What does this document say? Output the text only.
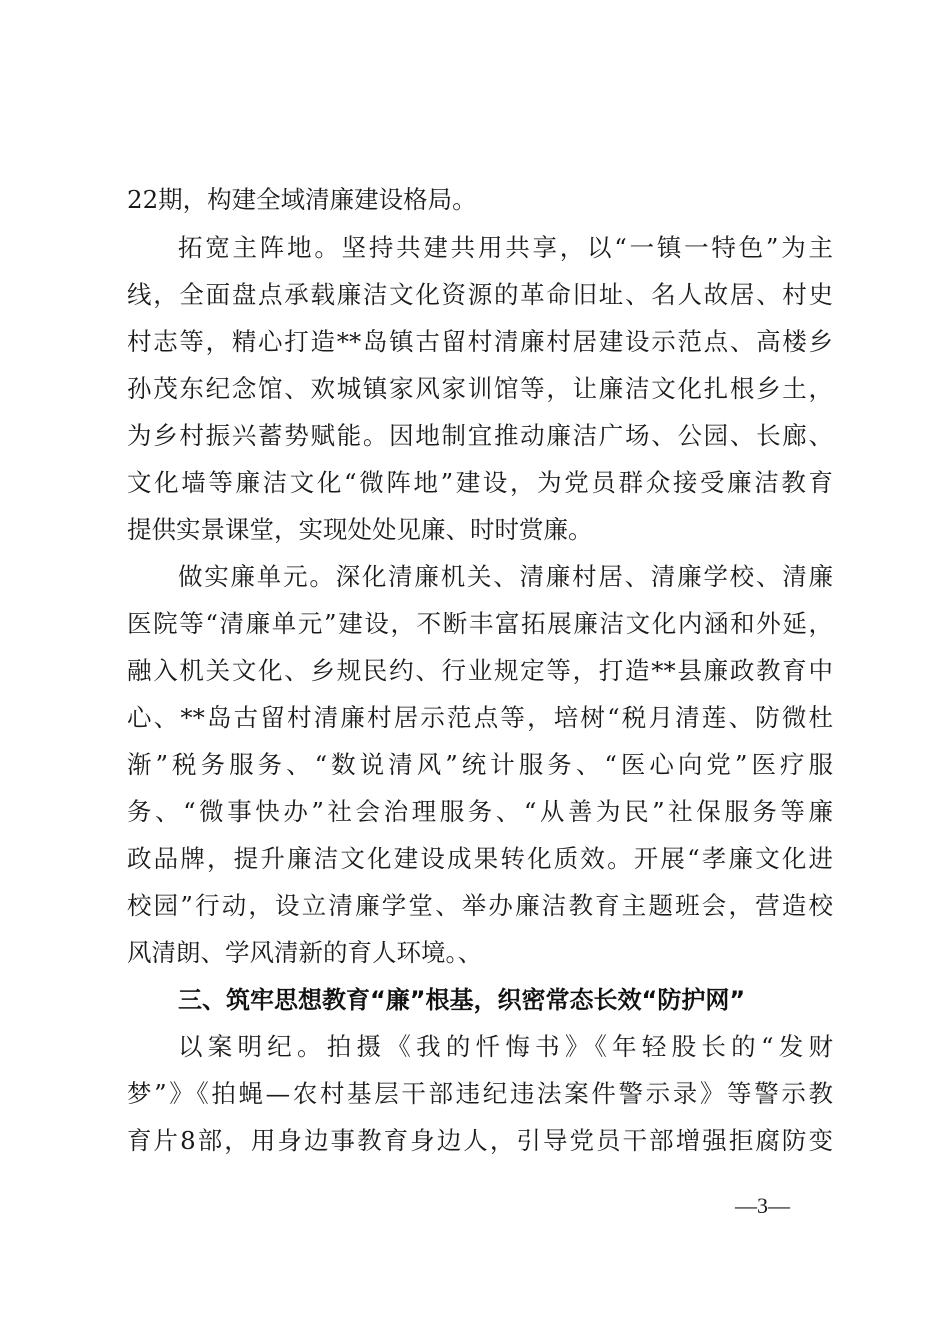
22期，构建全域清廉建设格局。
拓宽主阵地。坚持共建共用共享，以“一镇一特色”为主
线，全面盘点承载廉洁文化资源的革命旧址、名人故居、村史
村志等，精心打造**岛镇古留村清廉村居建设示范点、高楼乡
孙茂东纪念馆、欢城镇家风家训馆等，让廉洁文化扎根乡土，
为乡村振兴蓄势赋能。因地制宜推动廉洁广场、公园、长廊、
文化墙等廉洁文化“微阵地”建设，为党员群众接受廉洁教育
提供实景课堂，实现处处见廉、时时赏廉。
做实廉单元。深化清廉机关、清廉村居、清廉学校、清廉
医院等“清廉单元”建设，不断丰富拓展廉洁文化内涵和外延，
融入机关文化、乡规民约、行业规定等，打造**县廉政教育中
心、**岛古留村清廉村居示范点等，培树“税月清莲、防微杜
渐”税务服务、“数说清风”统计服务、“医心向党”医疗服
务、“微事快办”社会治理服务、“从善为民”社保服务等廉
政品牌，提升廉洁文化建设成果转化质效。开展“孝廉文化进
校园”行动，设立清廉学堂、举办廉洁教育主题班会，营造校
风清朗、学风清新的育人环境。、
三、筑牢思想教育“廉”根基，织密常态长效“防护网”
以案明纪。拍摄《我的忏悔书》《年轻股长的“发财
梦”》《拍蝇—农村基层干部违纪违法案件警示录》等警示教
育片8部，用身边事教育身边人，引导党员干部增强拒腐防变
—3—
